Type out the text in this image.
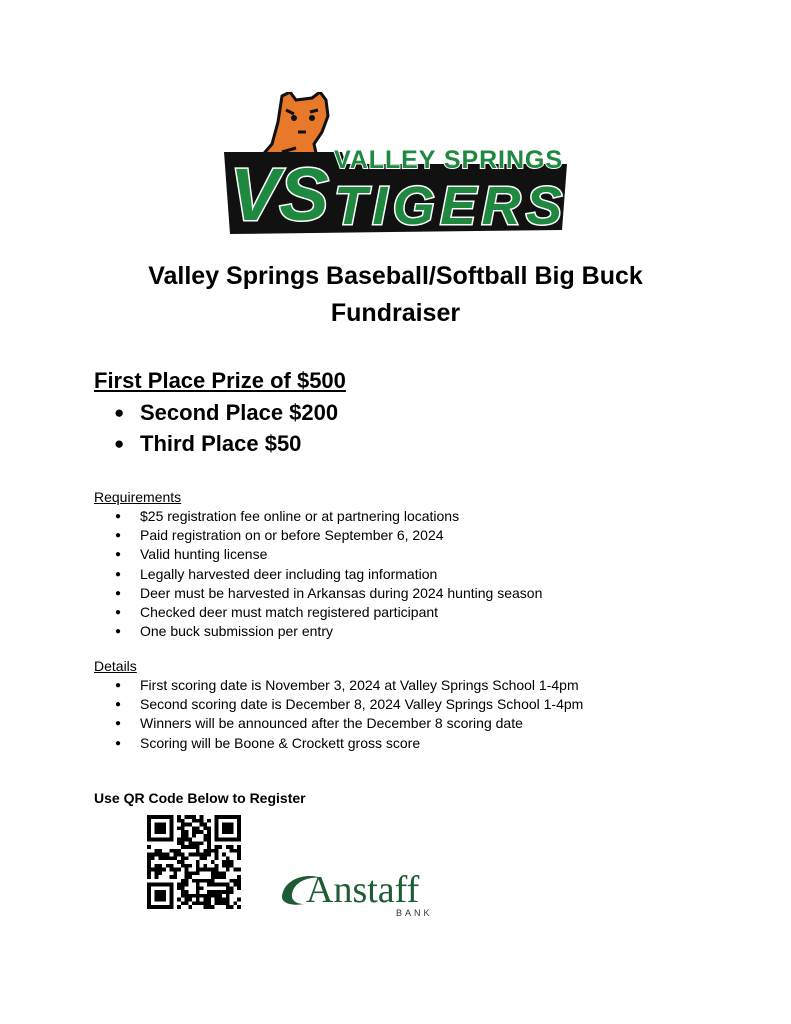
VS VALLEY SPRINGS
TIGERS
Valley Springs Baseball/Softball Big Buck
Fundraiser
First Place Prize of $500
● Second Place $200
● Third Place $50
Requirements
● $25 registration fee online or at partnering locations
● Paid registration on or before September 6, 2024
● Valid hunting license
● Legally harvested deer including tag information
● Deer must be harvested in Arkansas during 2024 hunting season
● Checked deer must match registered participant
● One buck submission per entry
Details
● First scoring date is November 3, 2024 at Valley Springs School 1-4pm
● Second scoring date is December 8, 2024 Valley Springs School 1-4pm
● Winners will be announced after the December 8 scoring date
● Scoring will be Boone & Crockett gross score
Use QR Code Below to Register
Anstaff
BANK
